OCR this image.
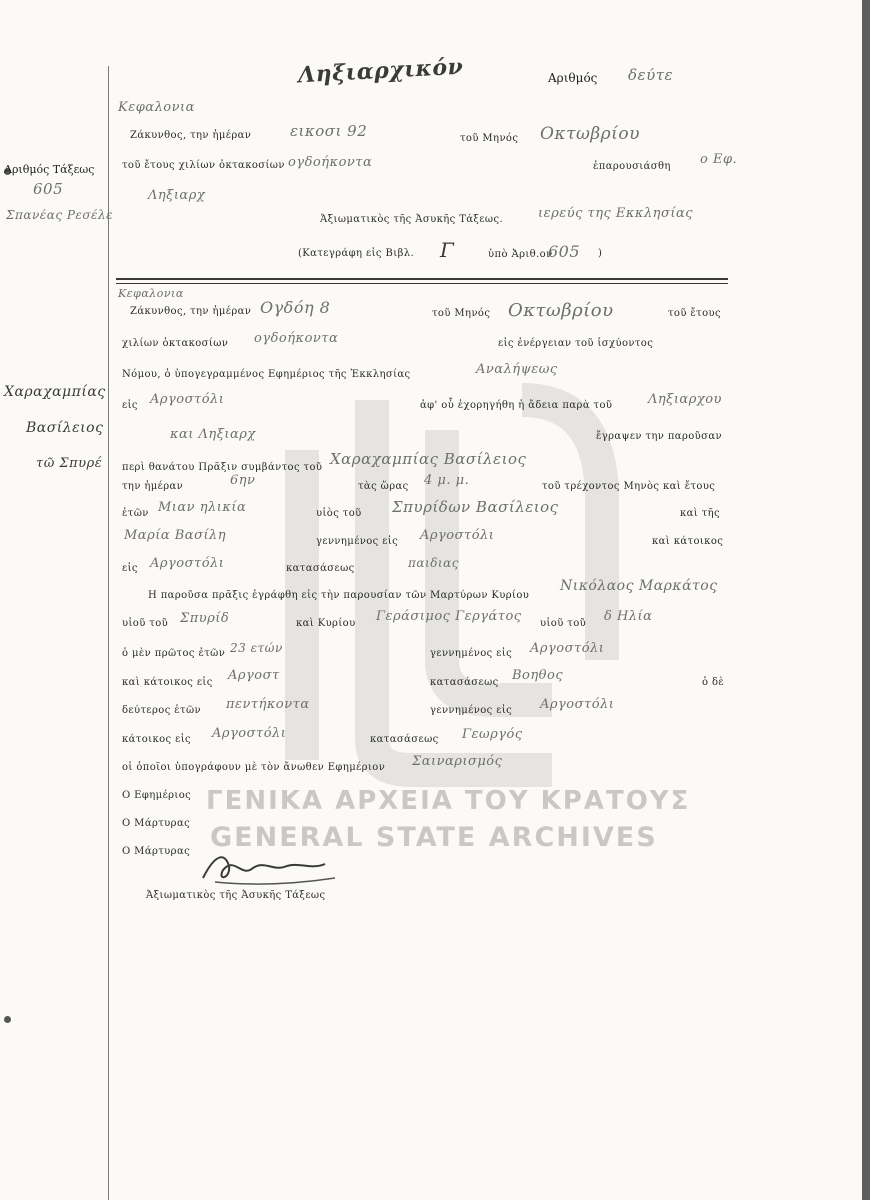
Ληξιαρχικόν	Αριθμός δεύτε
Αριθμός Τάξεως
605
Σπανέας Ρεσέλε
Χαραχαμπίας
Βασίλειος
τῶ Σπυρέ
Κεφαλονια
Ζάκυνθος, την ἡμέραν	εικοσι 92	τοῦ Μηνός Οκτωβρίου
τοῦ ἔτους χιλίων ὀκτακοσίων ογδοήκοντα	ἐπαρουσιάσθη ο Εφ.
Ληξιαρχ
ιερεύς της Εκκλησίας
Ἀξιωματικὸς τῆς Ἀσυκῆς Τάξεως.
(Κατεγράφη εἰς Βιβλ. Γ	ὑπὸ Ἀριθ.ον
605 )
Κεφαλονια
Ζάκυνθος, την ἡμέραν Ογδόη 8	τοῦ Μηνός Οκτωβρίου	τοῦ ἔτους
χιλίων ὀκτακοσίων ογδοήκοντα	εἰς ἐνέργειαν τοῦ ἰσχύοντος
Νόμου, ὁ ὑπογεγραμμένος Εφημέριος τῆς Ἐκκλησίας	Αναλήψεως
εἰς Αργοστόλι	ἀφ' οὗ ἐχορηγήθη ἡ ἄδεια παρὰ τοῦ	Ληξιαρχου
και Ληξιαρχ	ἔγραψεν την παροῦσαν
περὶ θανάτου Πρᾶξιν συμβάντος τοῦ Χαραχαμπίας Βασίλειος
την ἡμέραν	6ην	τὰς ὥρας 4 μ. μ.	τοῦ τρέχοντος Μηνὸς καὶ ἔτους
ἐτῶν Μιαν ηλικία	υἱὸς τοῦ Σπυρίδων Βασίλειος	καὶ τῆς
Μαρία Βασίλη	γεννημένος εἰς Αργοστόλι	καὶ κάτοικος
εἰς Αργοστόλι	κατασάσεως	παιδιας
Η παροῦσα πρᾶξις ἐγράφθη εἰς τὴν παρουσίαν τῶν Μαρτύρων Κυρίου
Νικόλαος Μαρκάτος
υἱοῦ τοῦ Σπυρίδ	καὶ Κυρίου Γεράσιμος Γεργάτος υἱοῦ τοῦ δ Ηλία
ὁ μὲν πρῶτος ἐτῶν 23 ετών	γεννημένος εἰς Αργοστόλι
καὶ κάτοικος εἰς Αργοστ	κατασάσεως Βοηθος	ὁ δὲ
δεύτερος ἐτῶν πεντήκοντα	γεννημένος εἰς Αργοστόλι
κάτοικος εἰς Αργοστόλι	κατασάσεως Γεωργός
οἱ ὁποῖοι ὑπογράφουν μὲ τὸν ἄνωθεν Εφημέριον Σαιναρισμός
Ο Εφημέριος
Ο Μάρτυρας
Ο Μάρτυρας
Ἀξιωματικὸς τῆς Ἀσυκῆς Τάξεως
ΓΕΝΙΚΑ ΑΡΧΕΙΑ ΤΟΥ ΚΡΑΤΟΥΣ
GENERAL STATE ARCHIVES
